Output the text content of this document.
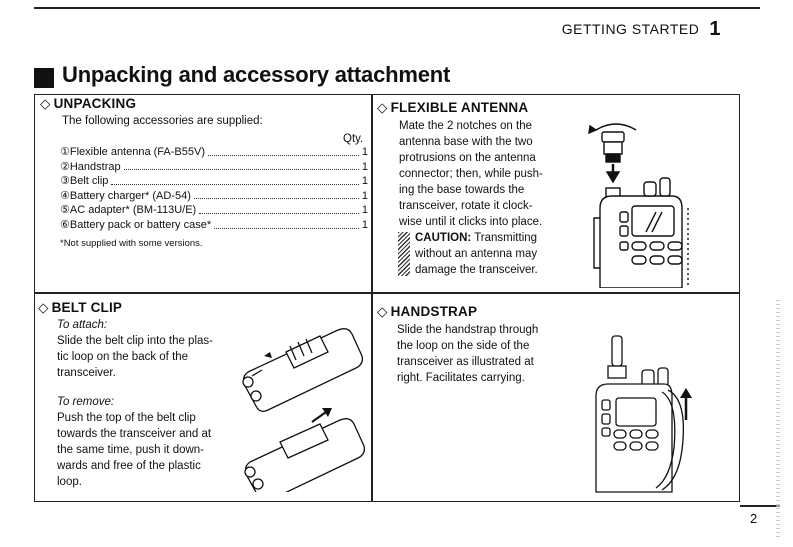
GETTING STARTED 1
Unpacking and accessory attachment
◇ UNPACKING
The following accessories are supplied:
Qty.
①Flexible antenna (FA-B55V)	1
②Handstrap	1
③Belt clip	1
④Battery charger* (AD-54)	1
⑤AC adapter* (BM-113U/E)	1
⑥Battery pack or battery case*	1
*Not supplied with some versions.
◇ FLEXIBLE ANTENNA
Mate the 2 notches on the
antenna base with the two
protrusions on the antenna
connector; then, while push-
ing the base towards the
transceiver, rotate it clock-
wise until it clicks into place.
CAUTION: Transmitting
without an antenna may
damage the transceiver.
◇ BELT CLIP
To attach:
Slide the belt clip into the plas-
tic loop on the back of the
transceiver.
To remove:
Push the top of the belt clip
towards the transceiver and at
the same time, push it down-
wards and free of the plastic
loop.
◇ HANDSTRAP
Slide the handstrap through
the loop on the side of the
transceiver as illustrated at
right. Facilitates carrying.
2
